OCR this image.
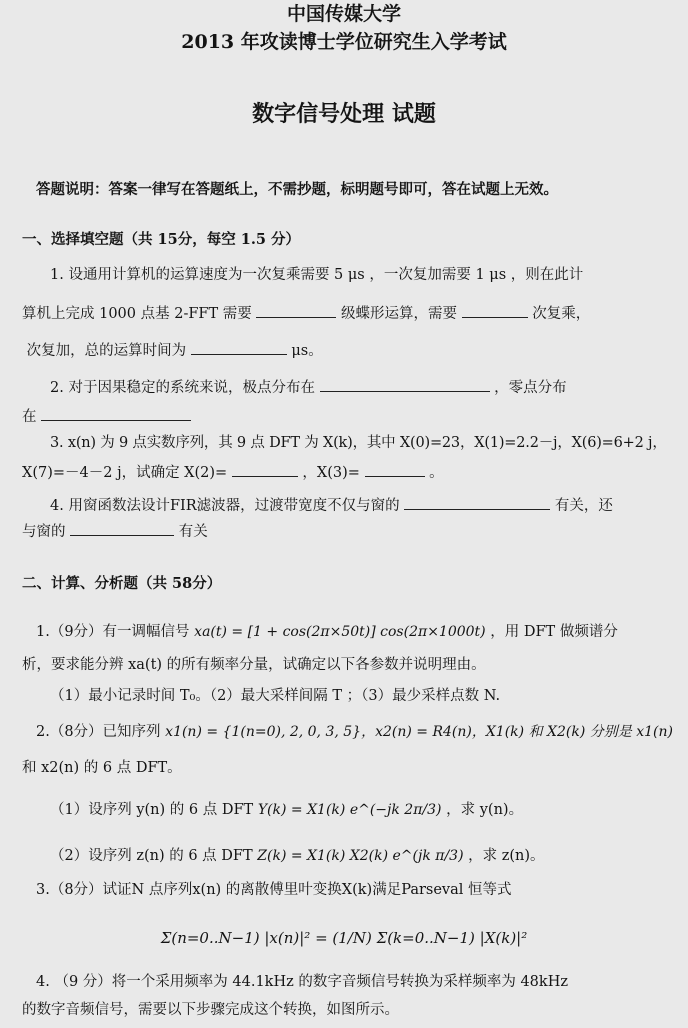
中国传媒大学
2013 年攻读博士学位研究生入学考试
数字信号处理 试题
答题说明：答案一律写在答题纸上，不需抄题，标明题号即可，答在试题上无效。
一、选择填空题（共 15分，每空 1.5 分）
1. 设通用计算机的运算速度为一次复乘需要 5 μs ，一次复加需要 1 μs ，则在此计
算机上完成 1000 点基 2-FFT 需要	级蝶形运算，需要	次复乘，
次复加，总的运算时间为	μs。
2. 对于因果稳定的系统来说，极点分布在	，零点分布
在
3. x(n) 为 9 点实数序列，其 9 点 DFT 为 X(k)，其中 X(0)=23，X(1)=2.2－j，X(6)=6+2 j，
X(7)=－4－2 j，试确定 X(2)=	，X(3)=	。
4. 用窗函数法设计FIR滤波器，过渡带宽度不仅与窗的	有关，还
与窗的	有关
二、计算、分析题（共 58分）
1.（9分）有一调幅信号 xa(t) = [1 + cos(2π×50t)] cos(2π×1000t) ，用 DFT 做频谱分
析，要求能分辨 xa(t) 的所有频率分量，试确定以下各参数并说明理由。
（1）最小记录时间 T₀。（2）最大采样间隔 T ；（3）最少采样点数 N.
2.（8分）已知序列 x1(n) = {1(n=0), 2, 0, 3, 5}，x2(n) = R4(n)，X1(k) 和 X2(k) 分别是 x1(n)
和 x2(n) 的 6 点 DFT。
（1）设序列 y(n) 的 6 点 DFT Y(k) = X1(k) e^(−jk 2π/3) ，求 y(n)。
（2）设序列 z(n) 的 6 点 DFT Z(k) = X1(k) X2(k) e^(jk π/3) ，求 z(n)。
3.（8分）试证N 点序列x(n) 的离散傅里叶变换X(k)满足Parseval 恒等式
Σ(n=0..N−1) |x(n)|² = (1/N) Σ(k=0..N−1) |X(k)|²
4. （9 分）将一个采用频率为 44.1kHz 的数字音频信号转换为采样频率为 48kHz
的数字音频信号，需要以下步骤完成这个转换，如图所示。
